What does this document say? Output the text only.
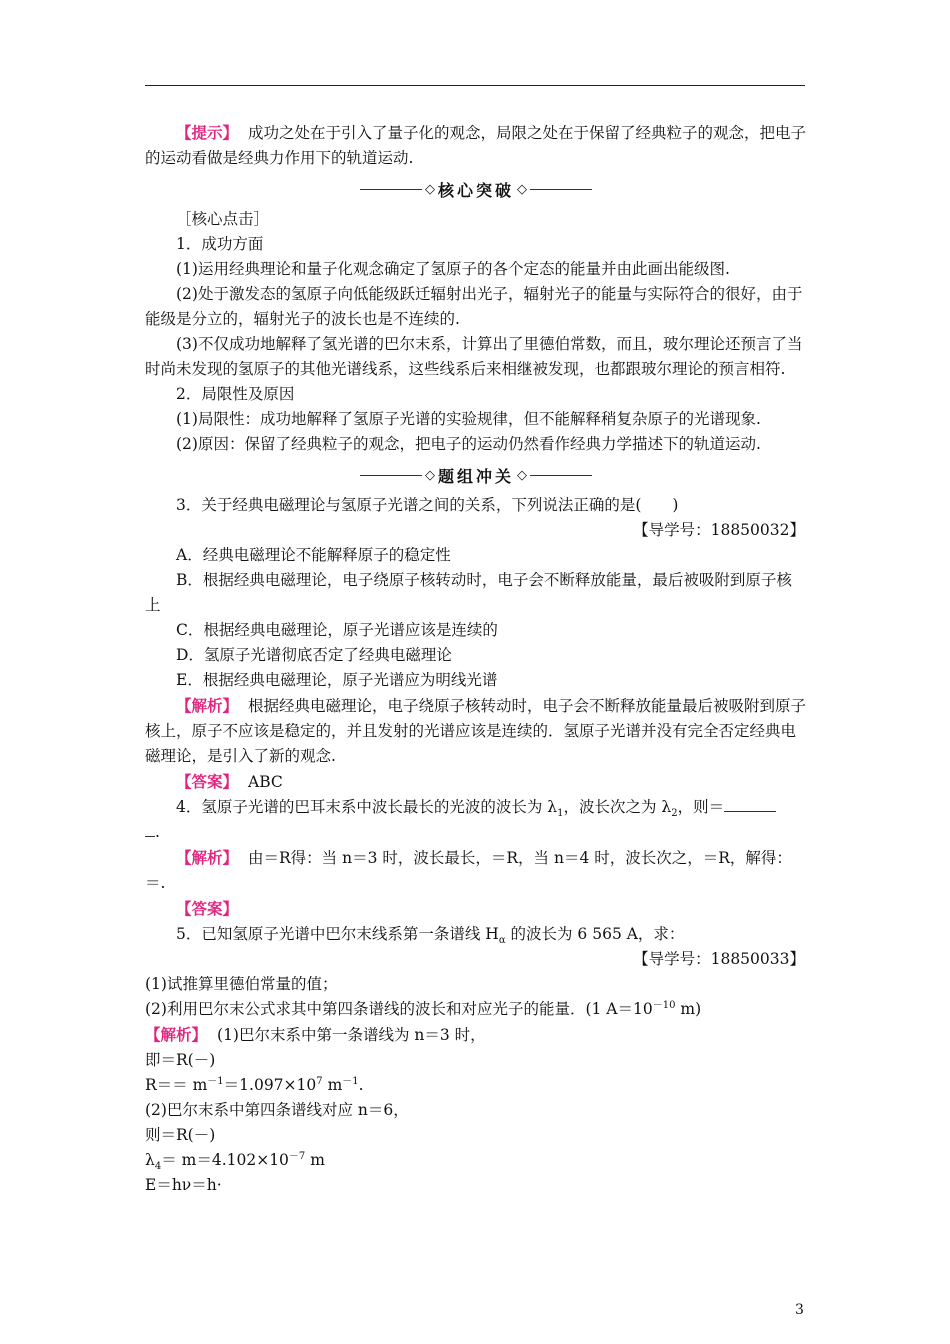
【提示】 成功之处在于引入了量子化的观念，局限之处在于保留了经典粒子的观念，把电子的运动看做是经典力作用下的轨道运动.

◇ 核心突破 ◇

［核心点击］

1．成功方面

(1)运用经典理论和量子化观念确定了氢原子的各个定态的能量并由此画出能级图.

(2)处于激发态的氢原子向低能级跃迁辐射出光子，辐射光子的能量与实际符合的很好，由于能级是分立的，辐射光子的波长也是不连续的.

(3)不仅成功地解释了氢光谱的巴尔末系，计算出了里德伯常数，而且，玻尔理论还预言了当时尚未发现的氢原子的其他光谱线系，这些线系后来相继被发现，也都跟玻尔理论的预言相符.

2．局限性及原因

(1)局限性：成功地解释了氢原子光谱的实验规律，但不能解释稍复杂原子的光谱现象.

(2)原因：保留了经典粒子的观念，把电子的运动仍然看作经典力学描述下的轨道运动.

◇ 题组冲关 ◇

3．关于经典电磁理论与氢原子光谱之间的关系，下列说法正确的是(　　)

【导学号：18850032】

A．经典电磁理论不能解释原子的稳定性

B．根据经典电磁理论，电子绕原子核转动时，电子会不断释放能量，最后被吸附到原子核上

C．根据经典电磁理论，原子光谱应该是连续的

D．氢原子光谱彻底否定了经典电磁理论

E．根据经典电磁理论，原子光谱应为明线光谱

【解析】 根据经典电磁理论，电子绕原子核转动时，电子会不断释放能量最后被吸附到原子核上，原子不应该是稳定的，并且发射的光谱应该是连续的．氢原子光谱并没有完全否定经典电磁理论，是引入了新的观念.

【答案】 ABC

4．氢原子光谱的巴耳末系中波长最长的光波的波长为 $\lambda_1$，波长次之为 $\lambda_2$，则＝
.

【解析】 由＝R得：当 n＝3 时，波长最长，＝R，当 n＝4 时，波长次之，＝R，解得：＝.

【答案】

5．已知氢原子光谱中巴尔末线系第一条谱线 $H_\alpha$ 的波长为 6 565 A，求：

【导学号：18850033】

(1)试推算里德伯常量的值；

(2)利用巴尔末公式求其中第四条谱线的波长和对应光子的能量．(1 $A=10^{-10}$ m)

【解析】 (1)巴尔末系中第一条谱线为 n＝3 时，

即＝R(－)

$R== m^{-1}=1.097\times 10^7$ $m^{-1}$.

(2)巴尔末系中第四条谱线对应 n＝6，

则＝R(－)

$\lambda_4= m=4.102\times 10^{-7}$ m

E＝hν＝h·

3
